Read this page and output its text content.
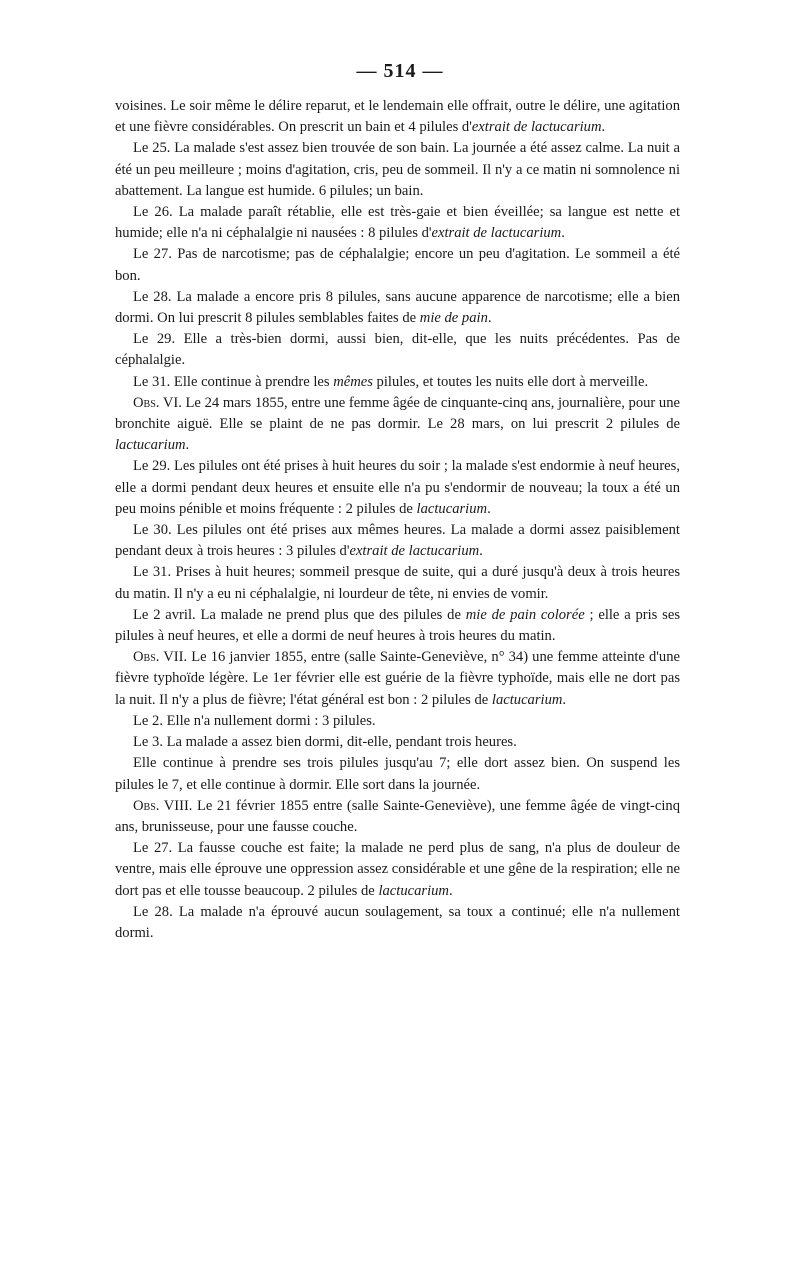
— 514 —

voisines. Le soir même le délire reparut, et le lendemain elle offrait, outre le délire, une agitation et une fièvre considérables. On prescrit un bain et 4 pilules d'extrait de lactucarium.

Le 25. La malade s'est assez bien trouvée de son bain. La journée a été assez calme. La nuit a été un peu meilleure ; moins d'agitation, cris, peu de sommeil. Il n'y a ce matin ni somnolence ni abattement. La langue est humide. 6 pilules; un bain.

Le 26. La malade paraît rétablie, elle est très-gaie et bien éveillée; sa langue est nette et humide; elle n'a ni céphalalgie ni nausées : 8 pilules d'extrait de lactucarium.

Le 27. Pas de narcotisme; pas de céphalalgie; encore un peu d'agitation. Le sommeil a été bon.

Le 28. La malade a encore pris 8 pilules, sans aucune apparence de narcotisme; elle a bien dormi. On lui prescrit 8 pilules semblables faites de mie de pain.

Le 29. Elle a très-bien dormi, aussi bien, dit-elle, que les nuits précédentes. Pas de céphalalgie.

Le 31. Elle continue à prendre les mêmes pilules, et toutes les nuits elle dort à merveille.

Obs. VI. Le 24 mars 1855, entre une femme âgée de cinquante-cinq ans, journalière, pour une bronchite aiguë. Elle se plaint de ne pas dormir. Le 28 mars, on lui prescrit 2 pilules de lactucarium.

Le 29. Les pilules ont été prises à huit heures du soir ; la malade s'est endormie à neuf heures, elle a dormi pendant deux heures et ensuite elle n'a pu s'endormir de nouveau; la toux a été un peu moins pénible et moins fréquente : 2 pilules de lactucarium.

Le 30. Les pilules ont été prises aux mêmes heures. La malade a dormi assez paisiblement pendant deux à trois heures : 3 pilules d'extrait de lactucarium.

Le 31. Prises à huit heures; sommeil presque de suite, qui a duré jusqu'à deux à trois heures du matin. Il n'y a eu ni céphalalgie, ni lourdeur de tête, ni envies de vomir.

Le 2 avril. La malade ne prend plus que des pilules de mie de pain colorée ; elle a pris ses pilules à neuf heures, et elle a dormi de neuf heures à trois heures du matin.

Obs. VII. Le 16 janvier 1855, entre (salle Sainte-Geneviève, n° 34) une femme atteinte d'une fièvre typhoïde légère. Le 1er février elle est guérie de la fièvre typhoïde, mais elle ne dort pas la nuit. Il n'y a plus de fièvre; l'état général est bon : 2 pilules de lactucarium.

Le 2. Elle n'a nullement dormi : 3 pilules.

Le 3. La malade a assez bien dormi, dit-elle, pendant trois heures.

Elle continue à prendre ses trois pilules jusqu'au 7; elle dort assez bien. On suspend les pilules le 7, et elle continue à dormir. Elle sort dans la journée.

Obs. VIII. Le 21 février 1855 entre (salle Sainte-Geneviève), une femme âgée de vingt-cinq ans, brunisseuse, pour une fausse couche.

Le 27. La fausse couche est faite; la malade ne perd plus de sang, n'a plus de douleur de ventre, mais elle éprouve une oppression assez considérable et une gêne de la respiration; elle ne dort pas et elle tousse beaucoup. 2 pilules de lactucarium.

Le 28. La malade n'a éprouvé aucun soulagement, sa toux a continué; elle n'a nullement dormi.
